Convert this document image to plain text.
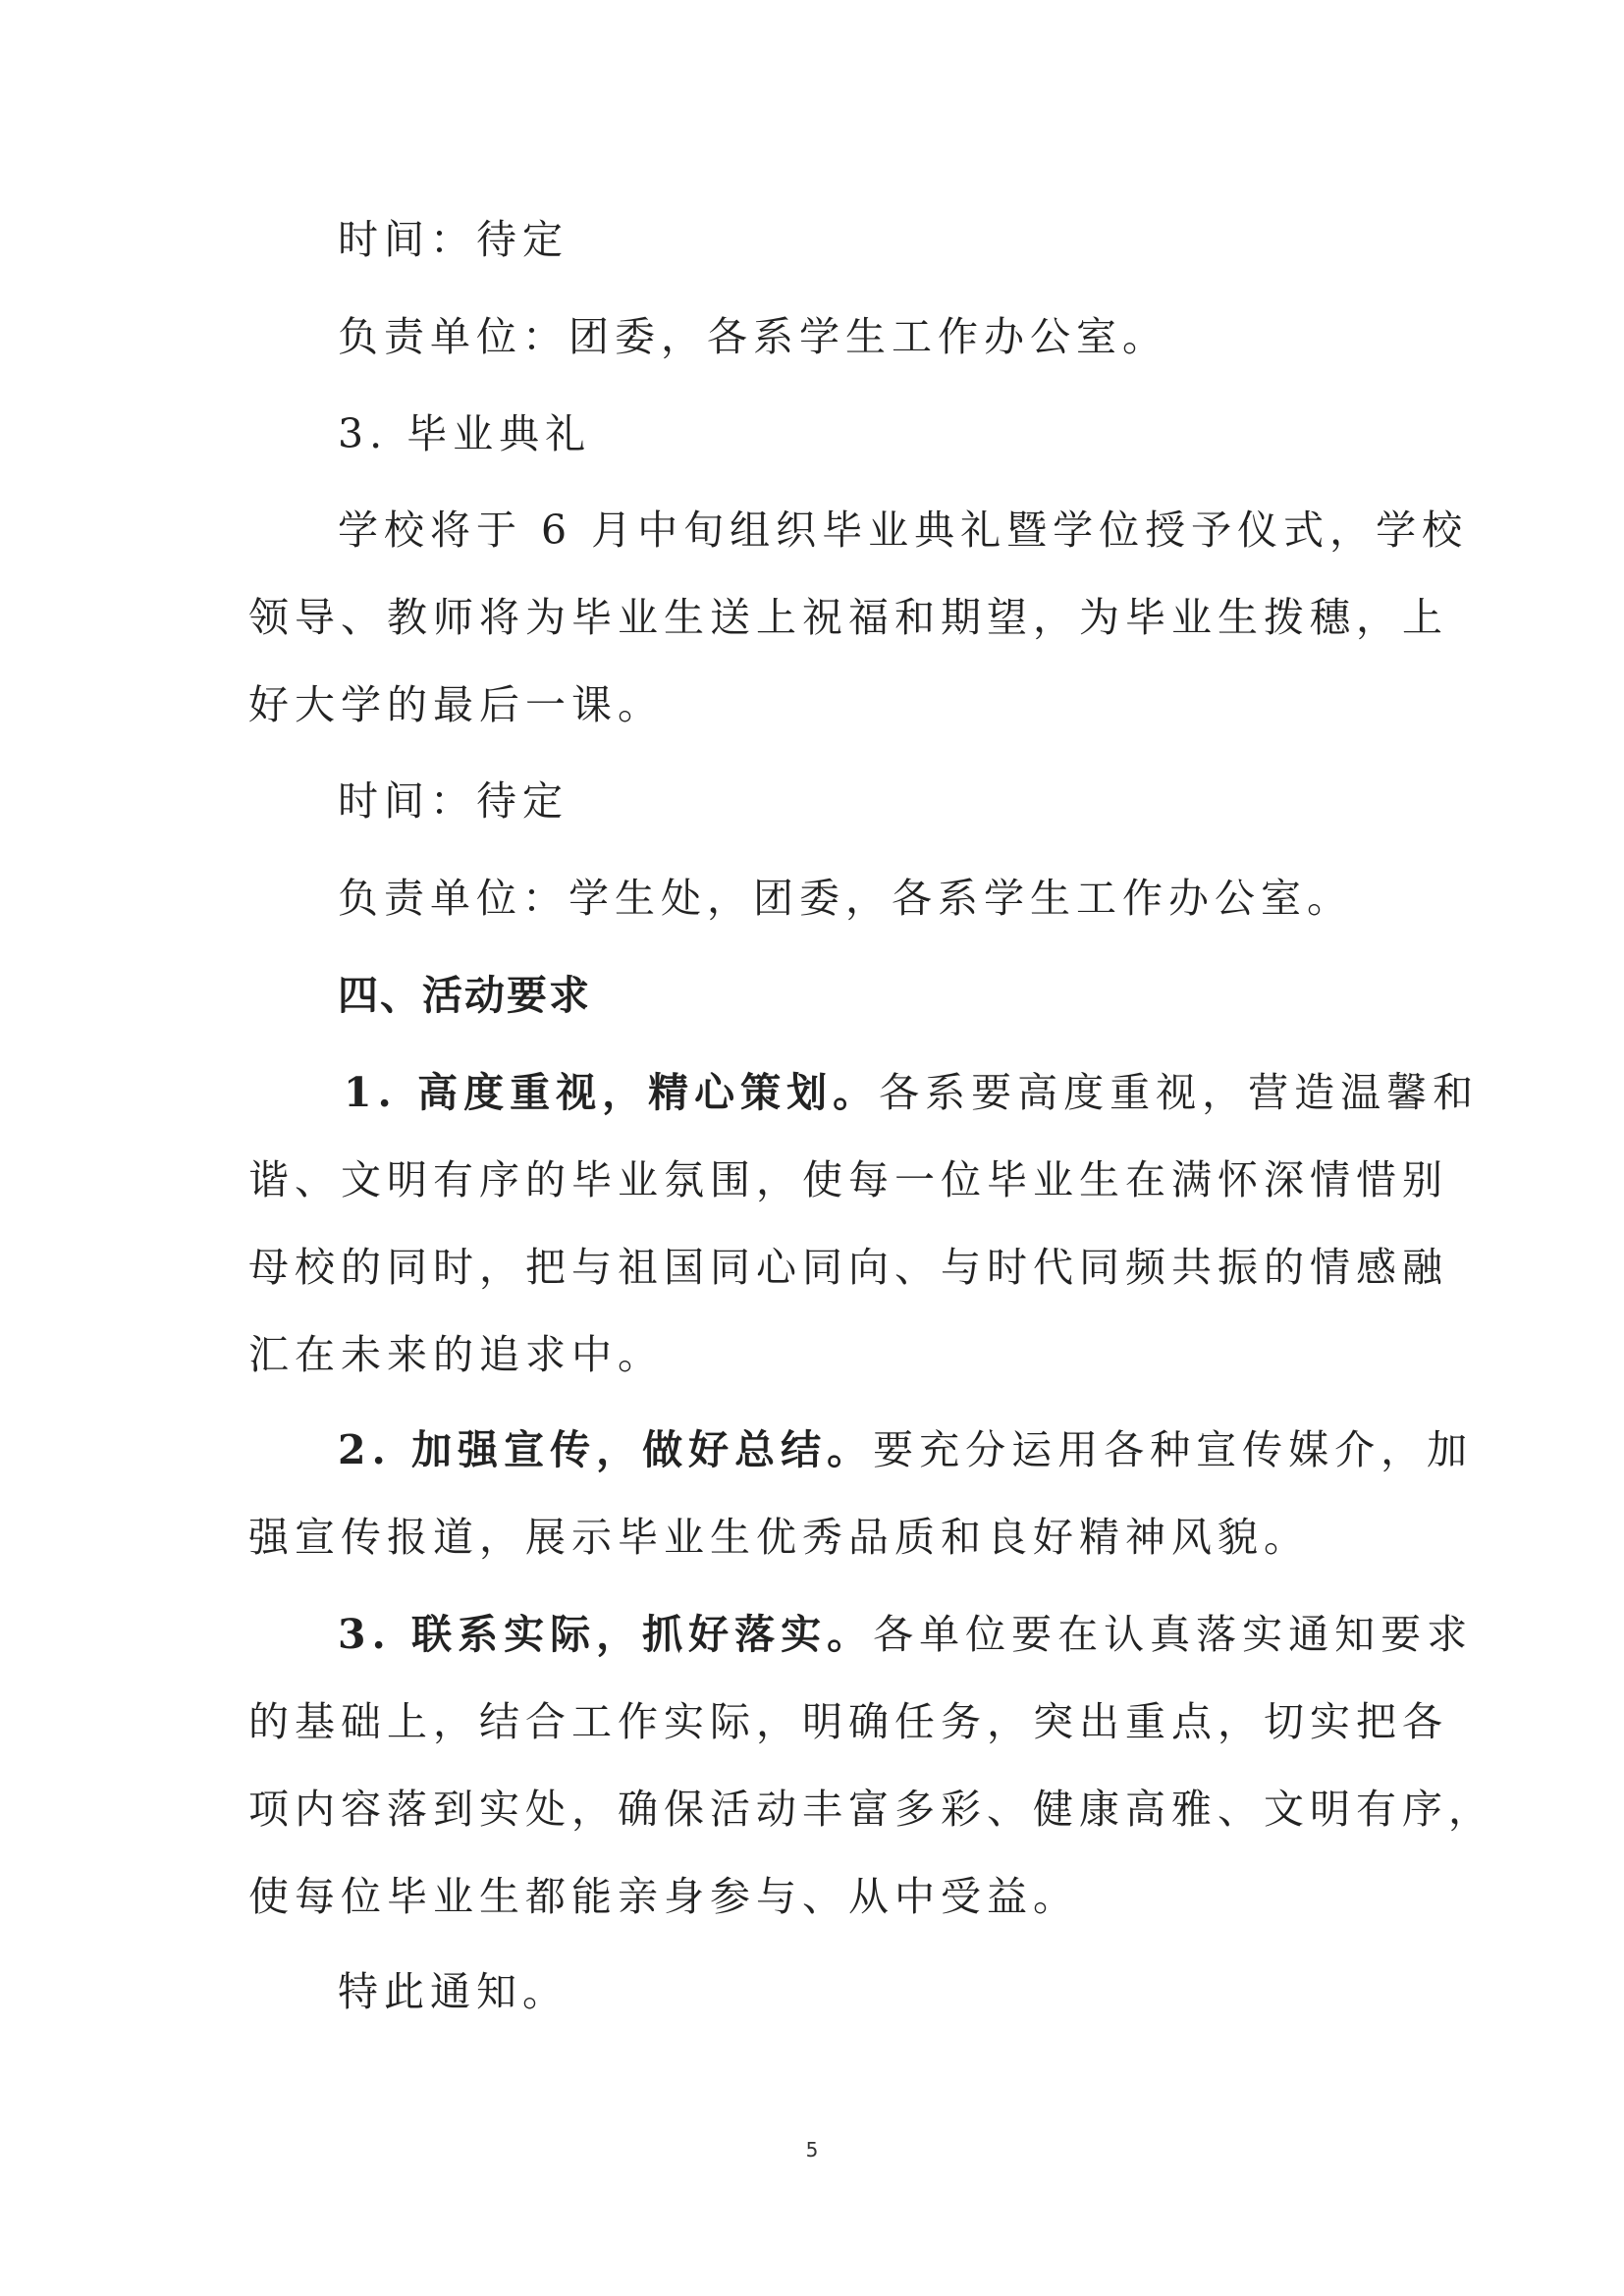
时间：待定

负责单位：团委，各系学生工作办公室。

3. 毕业典礼

学校将于 6 月中旬组织毕业典礼暨学位授予仪式，学校

领导、教师将为毕业生送上祝福和期望，为毕业生拨穗，上

好大学的最后一课。

时间：待定

负责单位：学生处，团委，各系学生工作办公室。

四、活动要求

1. 高度重视，精心策划。各系要高度重视，营造温馨和

谐、文明有序的毕业氛围，使每一位毕业生在满怀深情惜别

母校的同时，把与祖国同心同向、与时代同频共振的情感融

汇在未来的追求中。

2. 加强宣传，做好总结。要充分运用各种宣传媒介，加

强宣传报道，展示毕业生优秀品质和良好精神风貌。

3. 联系实际，抓好落实。各单位要在认真落实通知要求

的基础上，结合工作实际，明确任务，突出重点，切实把各

项内容落到实处，确保活动丰富多彩、健康高雅、文明有序，

使每位毕业生都能亲身参与、从中受益。

特此通知。

5
